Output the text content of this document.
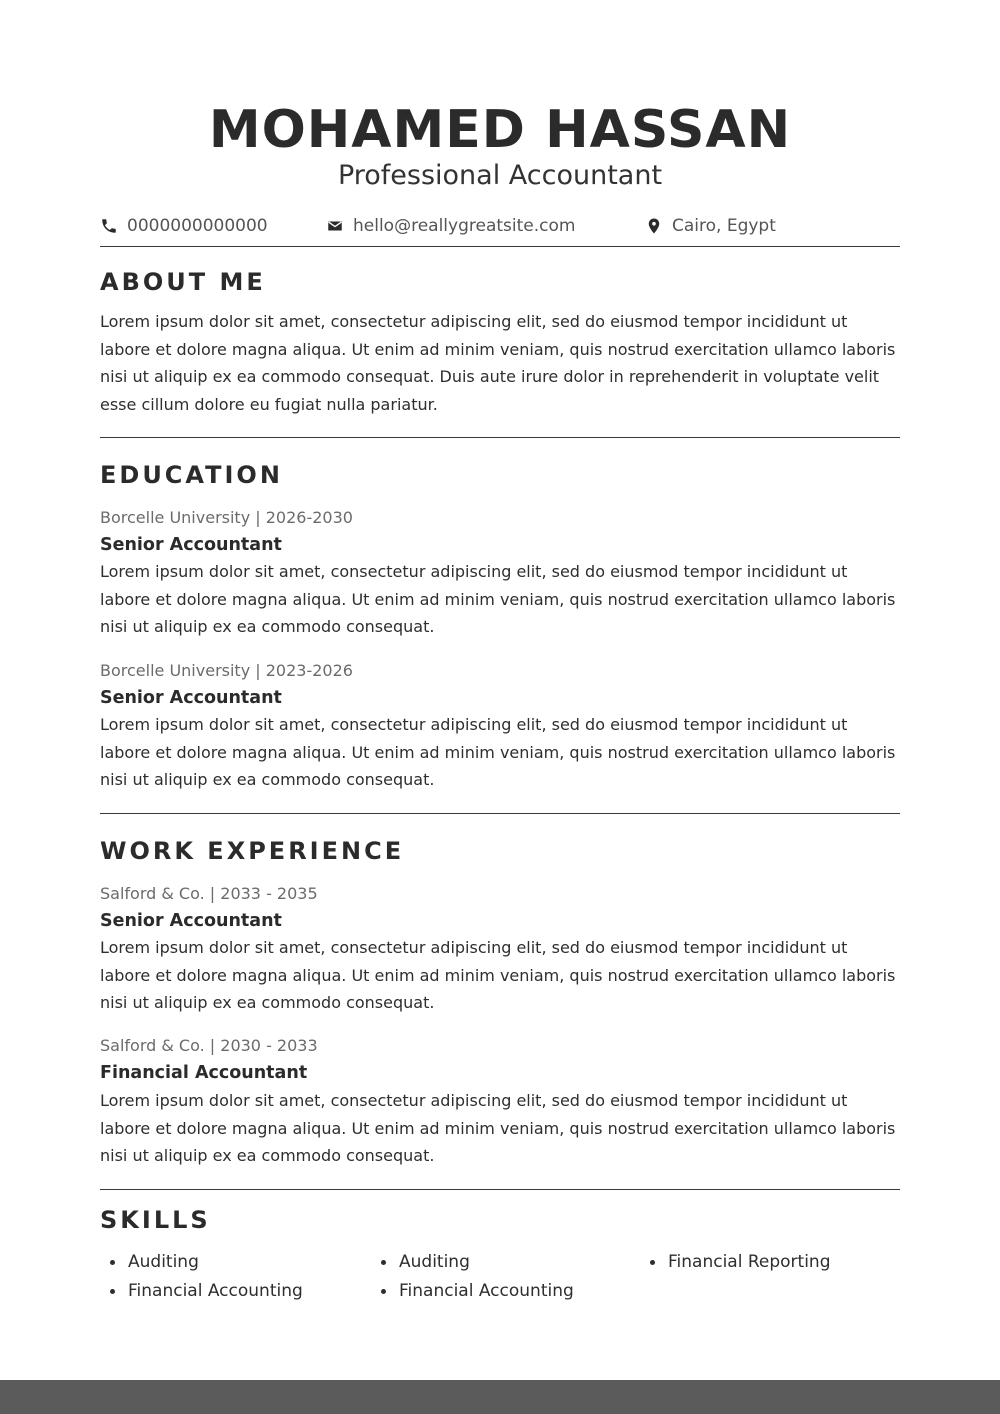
MOHAMED HASSAN
Professional Accountant
0000000000000	hello@reallygreatsite.com	Cairo, Egypt
ABOUT ME
Lorem ipsum dolor sit amet, consectetur adipiscing elit, sed do eiusmod tempor incididunt ut labore et dolore magna aliqua. Ut enim ad minim veniam, quis nostrud exercitation ullamco laboris nisi ut aliquip ex ea commodo consequat. Duis aute irure dolor in reprehenderit in voluptate velit esse cillum dolore eu fugiat nulla pariatur.
EDUCATION
Borcelle University | 2026-2030
Senior Accountant
Lorem ipsum dolor sit amet, consectetur adipiscing elit, sed do eiusmod tempor incididunt ut labore et dolore magna aliqua. Ut enim ad minim veniam, quis nostrud exercitation ullamco laboris nisi ut aliquip ex ea commodo consequat.
Borcelle University | 2023-2026
Senior Accountant
Lorem ipsum dolor sit amet, consectetur adipiscing elit, sed do eiusmod tempor incididunt ut labore et dolore magna aliqua. Ut enim ad minim veniam, quis nostrud exercitation ullamco laboris nisi ut aliquip ex ea commodo consequat.
WORK EXPERIENCE
Salford & Co. | 2033 - 2035
Senior Accountant
Lorem ipsum dolor sit amet, consectetur adipiscing elit, sed do eiusmod tempor incididunt ut labore et dolore magna aliqua. Ut enim ad minim veniam, quis nostrud exercitation ullamco laboris nisi ut aliquip ex ea commodo consequat.
Salford & Co. | 2030 - 2033
Financial Accountant
Lorem ipsum dolor sit amet, consectetur adipiscing elit, sed do eiusmod tempor incididunt ut labore et dolore magna aliqua. Ut enim ad minim veniam, quis nostrud exercitation ullamco laboris nisi ut aliquip ex ea commodo consequat.
SKILLS
Auditing
Financial Accounting
Auditing
Financial Accounting
Financial Reporting
